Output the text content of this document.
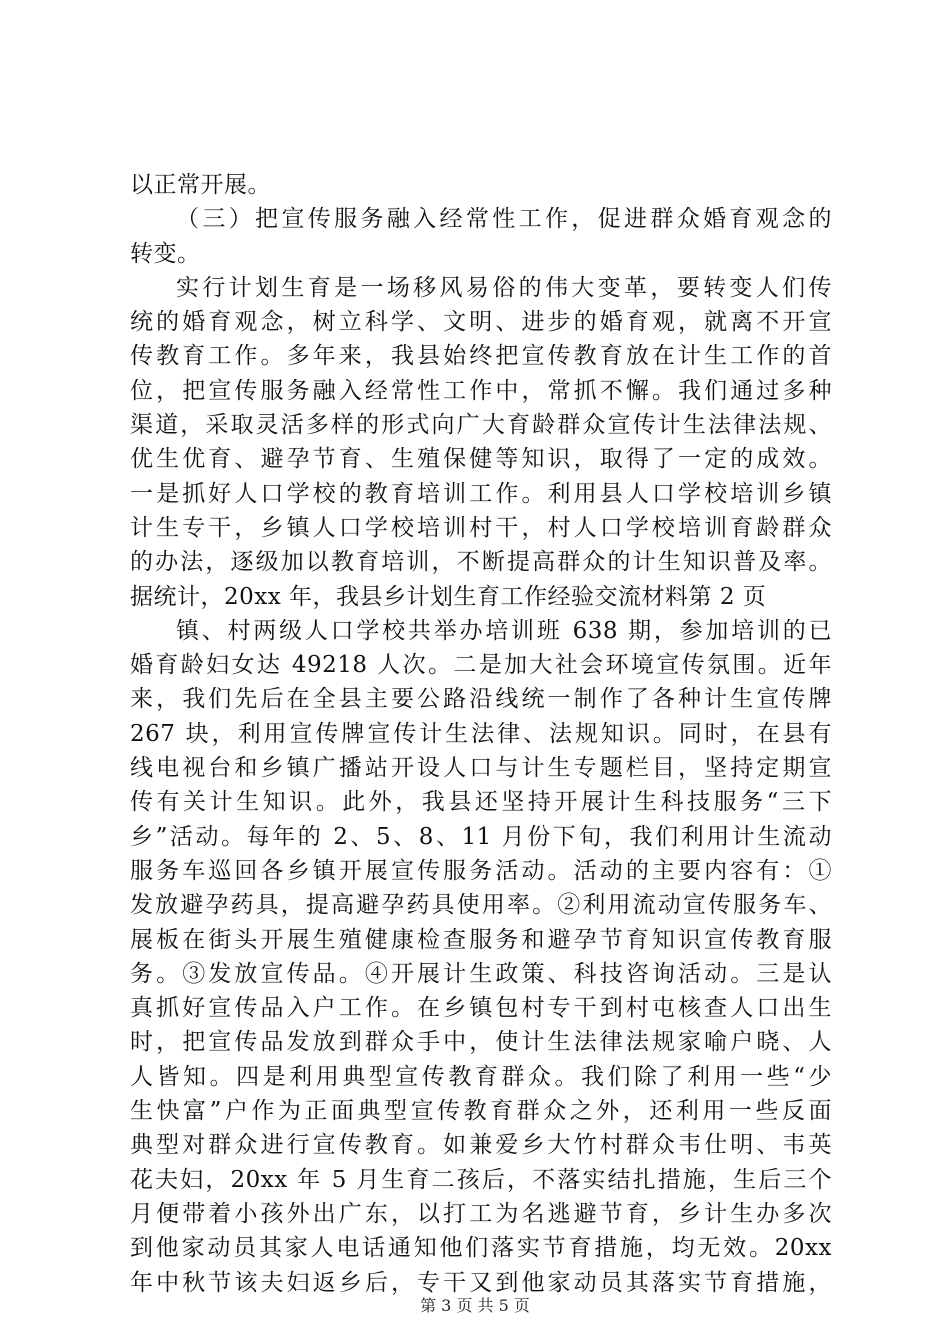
以正常开展。
（三）把宣传服务融入经常性工作，促进群众婚育观念的
转变。
实行计划生育是一场移风易俗的伟大变革，要转变人们传
统的婚育观念，树立科学、文明、进步的婚育观，就离不开宣
传教育工作。多年来，我县始终把宣传教育放在计生工作的首
位，把宣传服务融入经常性工作中，常抓不懈。我们通过多种
渠道，采取灵活多样的形式向广大育龄群众宣传计生法律法规、
优生优育、避孕节育、生殖保健等知识，取得了一定的成效。
一是抓好人口学校的教育培训工作。利用县人口学校培训乡镇
计生专干，乡镇人口学校培训村干，村人口学校培训育龄群众
的办法，逐级加以教育培训，不断提高群众的计生知识普及率。
据统计，20xx 年，我县乡计划生育工作经验交流材料第 2 页
镇、村两级人口学校共举办培训班 638 期，参加培训的已
婚育龄妇女达 49218 人次。二是加大社会环境宣传氛围。近年
来，我们先后在全县主要公路沿线统一制作了各种计生宣传牌
267 块，利用宣传牌宣传计生法律、法规知识。同时，在县有
线电视台和乡镇广播站开设人口与计生专题栏目，坚持定期宣
传有关计生知识。此外，我县还坚持开展计生科技服务“三下
乡”活动。每年的 2、5、8、11 月份下旬，我们利用计生流动
服务车巡回各乡镇开展宣传服务活动。活动的主要内容有：①
发放避孕药具，提高避孕药具使用率。②利用流动宣传服务车、
展板在街头开展生殖健康检查服务和避孕节育知识宣传教育服
务。③发放宣传品。④开展计生政策、科技咨询活动。三是认
真抓好宣传品入户工作。在乡镇包村专干到村屯核查人口出生
时，把宣传品发放到群众手中，使计生法律法规家喻户晓、人
人皆知。四是利用典型宣传教育群众。我们除了利用一些“少
生快富”户作为正面典型宣传教育群众之外，还利用一些反面
典型对群众进行宣传教育。如兼爱乡大竹村群众韦仕明、韦英
花夫妇，20xx 年 5 月生育二孩后，不落实结扎措施，生后三个
月便带着小孩外出广东，以打工为名逃避节育，乡计生办多次
到他家动员其家人电话通知他们落实节育措施，均无效。20xx
年中秋节该夫妇返乡后，专干又到他家动员其落实节育措施，
第 3 页 共 5 页
